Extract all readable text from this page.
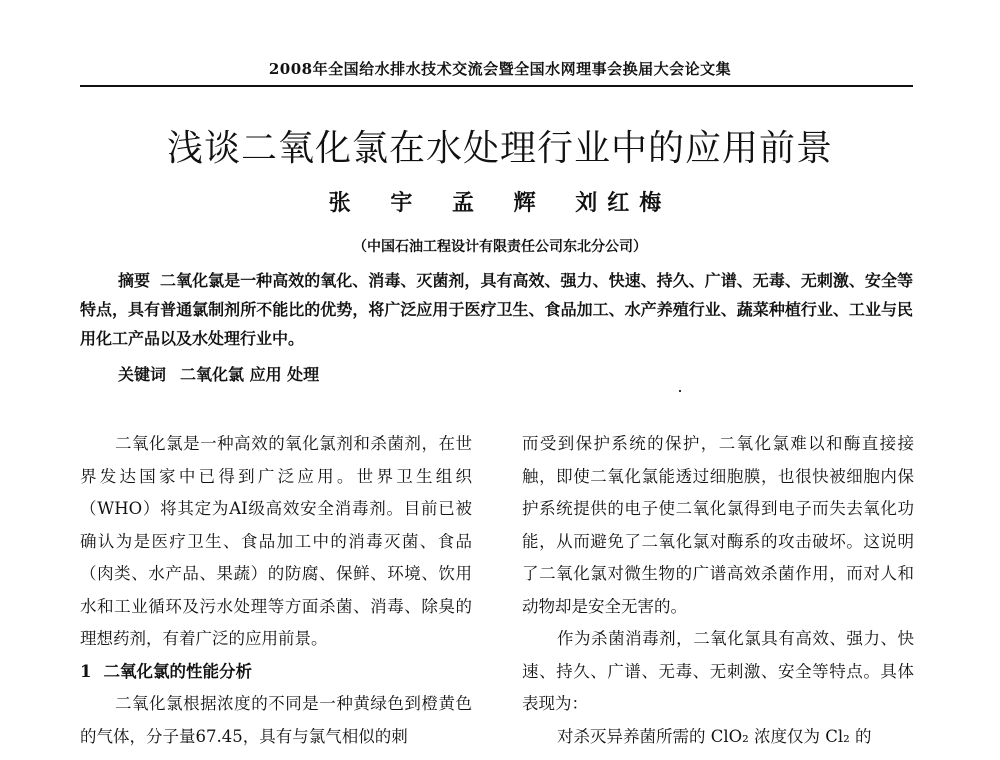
2008年全国给水排水技术交流会暨全国水网理事会换届大会论文集
浅谈二氧化氯在水处理行业中的应用前景
张 宇 孟 辉 刘红梅
（中国石油工程设计有限责任公司东北分公司）
摘要 二氧化氯是一种高效的氧化、消毒、灭菌剂，具有高效、强力、快速、持久、广谱、无毒、无刺激、安全等特点，具有普通氯制剂所不能比的优势，将广泛应用于医疗卫生、食品加工、水产养殖行业、蔬菜种植行业、工业与民用化工产品以及水处理行业中。
关键词 二氧化氯 应用 处理

二氧化氯是一种高效的氧化氯剂和杀菌剂，在世界发达国家中已得到广泛应用。世界卫生组织（WHO）将其定为AI级高效安全消毒剂。目前已被确认为是医疗卫生、食品加工中的消毒灭菌、食品（肉类、水产品、果蔬）的防腐、保鲜、环境、饮用水和工业循环及污水处理等方面杀菌、消毒、除臭的理想药剂，有着广泛的应用前景。

1 二氧化氯的性能分析

二氧化氯根据浓度的不同是一种黄绿色到橙黄色的气体，分子量67.45，具有与氯气相似的刺

而受到保护系统的保护，二氧化氯难以和酶直接接触，即使二氧化氯能透过细胞膜，也很快被细胞内保护系统提供的电子使二氧化氯得到电子而失去氧化功能，从而避免了二氧化氯对酶系的攻击破坏。这说明了二氧化氯对微生物的广谱高效杀菌作用，而对人和动物却是安全无害的。

作为杀菌消毒剂，二氧化氯具有高效、强力、快速、持久、广谱、无毒、无刺激、安全等特点。具体表现为：

对杀灭异养菌所需的 ClO₂ 浓度仅为 Cl₂ 的
